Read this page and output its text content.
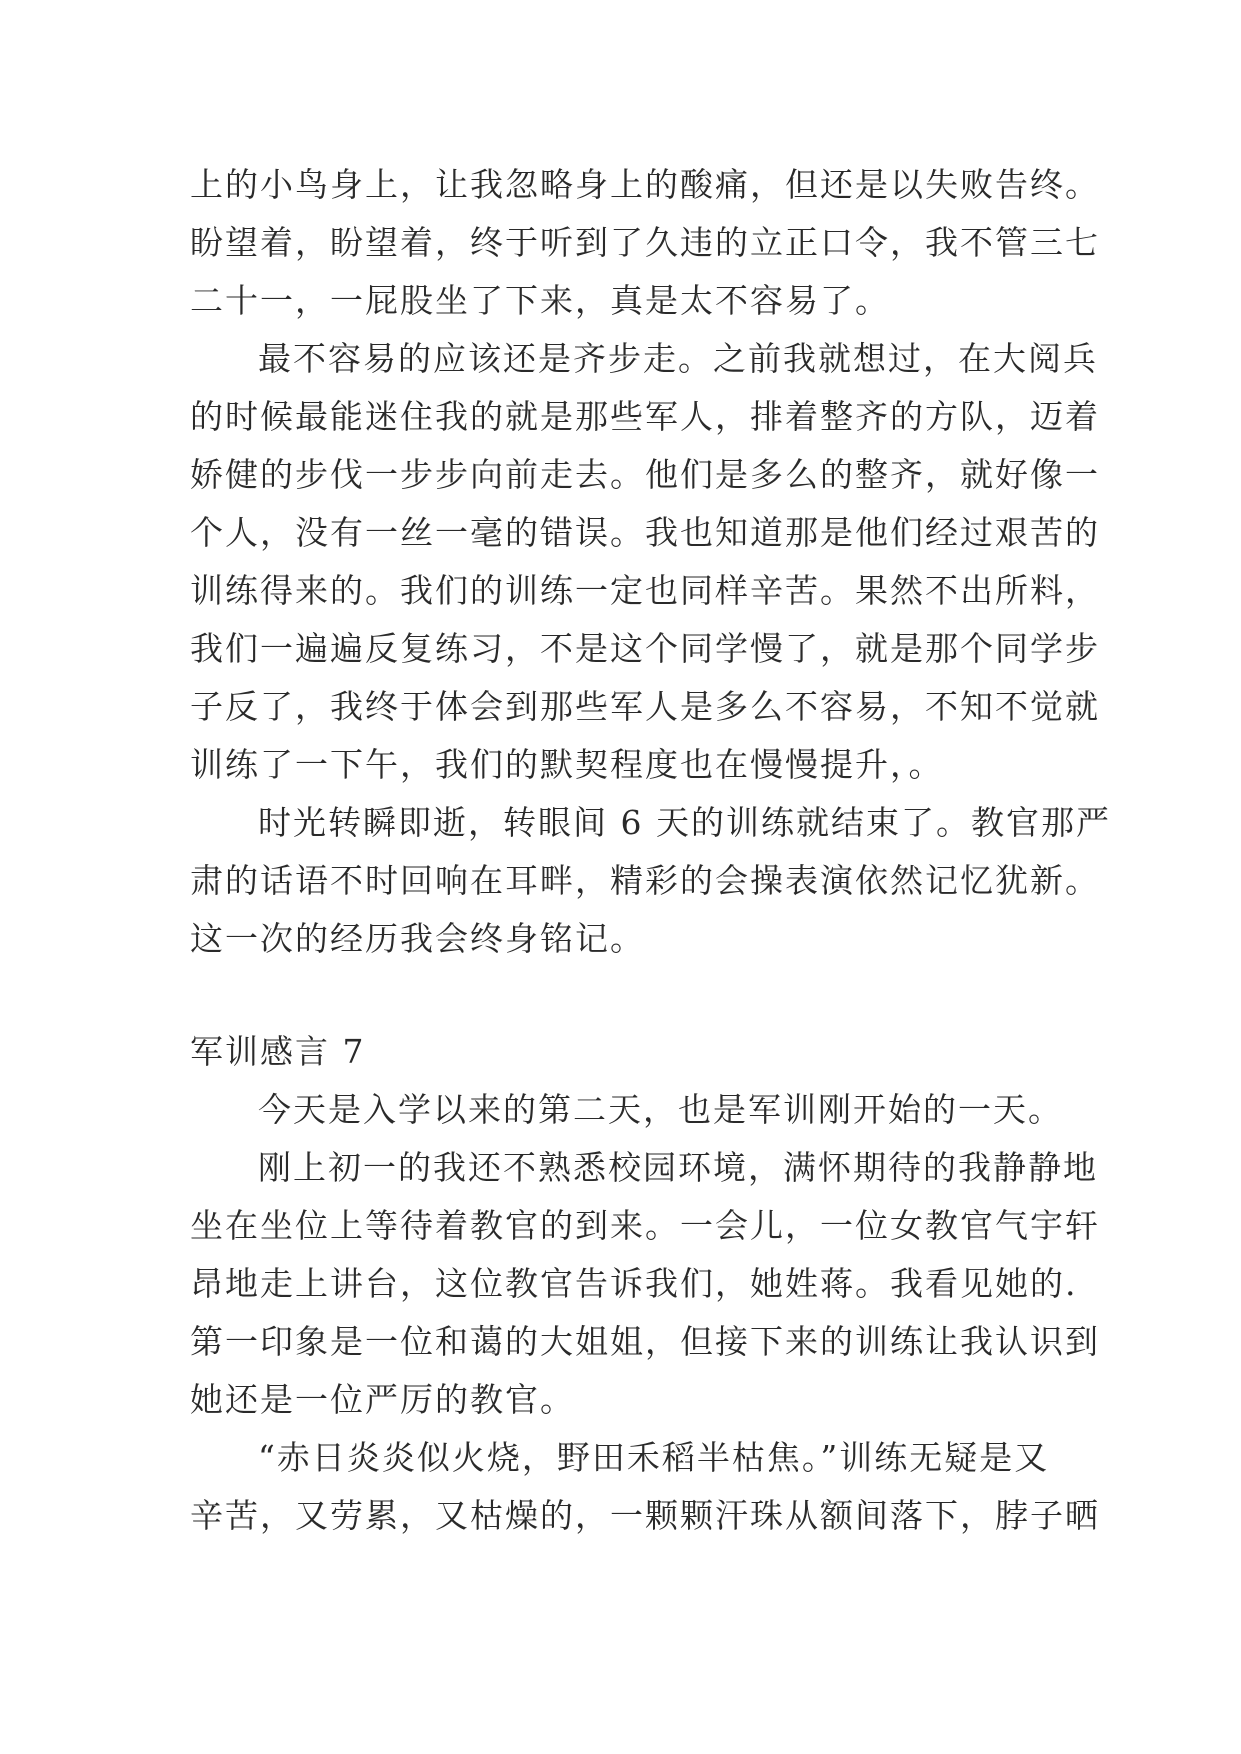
上的小鸟身上，让我忽略身上的酸痛，但还是以失败告终。
盼望着，盼望着，终于听到了久违的立正口令，我不管三七
二十一，一屁股坐了下来，真是太不容易了。
最不容易的应该还是齐步走。之前我就想过，在大阅兵
的时候最能迷住我的就是那些军人，排着整齐的方队，迈着
娇健的步伐一步步向前走去。他们是多么的整齐，就好像一
个人，没有一丝一毫的错误。我也知道那是他们经过艰苦的
训练得来的。我们的训练一定也同样辛苦。果然不出所料，
我们一遍遍反复练习，不是这个同学慢了，就是那个同学步
子反了，我终于体会到那些军人是多么不容易，不知不觉就
训练了一下午，我们的默契程度也在慢慢提升，。
时光转瞬即逝，转眼间 6 天的训练就结束了。教官那严
肃的话语不时回响在耳畔，精彩的会操表演依然记忆犹新。
这一次的经历我会终身铭记。
军训感言 7
今天是入学以来的第二天，也是军训刚开始的一天。
刚上初一的我还不熟悉校园环境，满怀期待的我静静地
坐在坐位上等待着教官的到来。一会儿，一位女教官气宇轩
昂地走上讲台，这位教官告诉我们，她姓蒋。我看见她的.
第一印象是一位和蔼的大姐姐，但接下来的训练让我认识到
她还是一位严厉的教官。
“赤日炎炎似火烧，野田禾稻半枯焦。”训练无疑是又
辛苦，又劳累，又枯燥的，一颗颗汗珠从额间落下，脖子晒
